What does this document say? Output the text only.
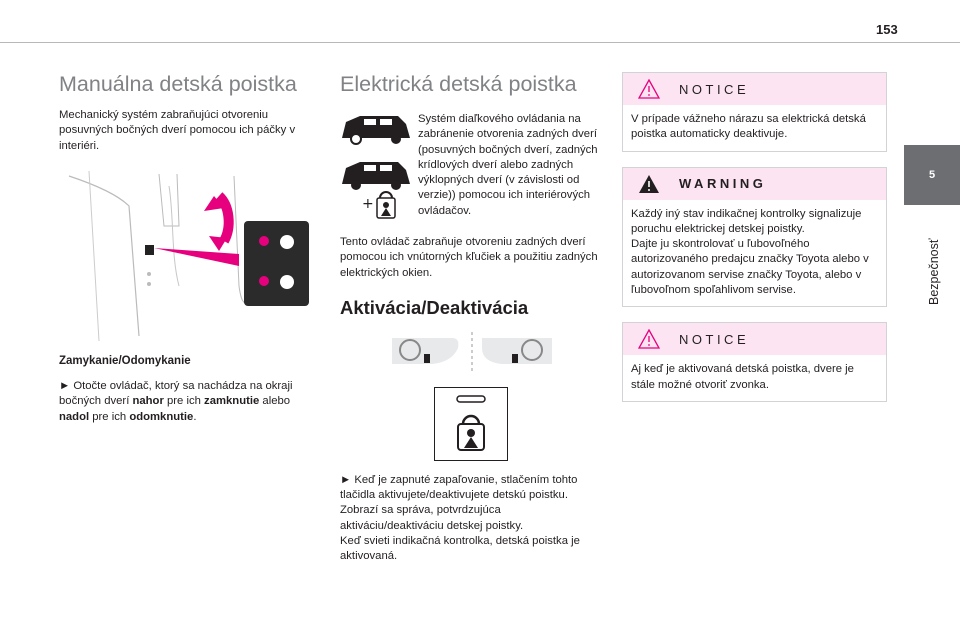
153
5
Bezpečnosť
Manuálna detská poistka

Mechanický systém zabraňujúci otvoreniu posuvných bočných dverí pomocou ich páčky v interiéri.

Zamykanie/Odomykanie

► Otočte ovládač, ktorý sa nachádza na okraji bočných dverí nahor pre ich zamknutie alebo nadol pre ich odomknutie.

Elektrická detská poistka
+

Systém diaľkového ovládania na zabránenie otvorenia zadných dverí (posuvných bočných dverí, zadných krídlových dverí alebo zadných výklopných dverí (v závislosti od verzie)) pomocou ich interiérových ovládačov.

Tento ovládač zabraňuje otvoreniu zadných dverí pomocou ich vnútorných kľučiek a použitiu zadných elektrických okien.

Aktivácia/Deaktivácia

► Keď je zapnuté zapaľovanie, stlačením tohto tlačidla aktivujete/deaktivujete detskú poistku.

Zobrazí sa správa, potvrdzujúca aktiváciu/deaktiváciu detskej poistky.

Keď svieti indikačná kontrolka, detská poistka je aktivovaná.

NOTICE
V prípade vážneho nárazu sa elektrická detská poistka automaticky deaktivuje.
WARNING
Každý iný stav indikačnej kontrolky signalizuje poruchu elektrickej detskej poistky.
Dajte ju skontrolovať u ľubovoľného autorizovaného predajcu značky Toyota alebo v autorizovanom servise značky Toyota, alebo v ľubovoľnom spoľahlivom servise.
NOTICE
Aj keď je aktivovaná detská poistka, dvere je stále možné otvoriť zvonka.
